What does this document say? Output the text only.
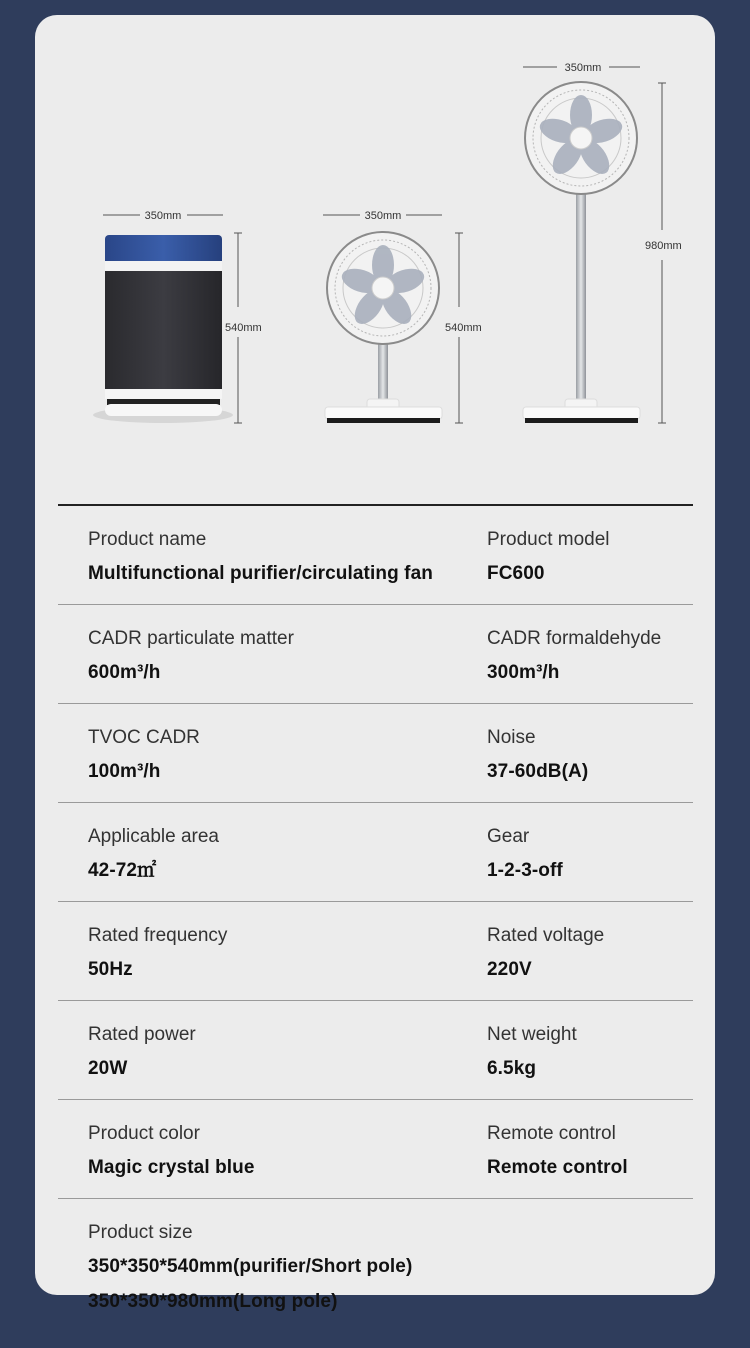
350mm
540mm
350mm
540mm
350mm
980mm
Product name
Multifunctional purifier/circulating fan
Product model
FC600
CADR particulate matter
600m³/h
CADR formaldehyde
300m³/h
TVOC CADR
100m³/h
Noise
37-60dB(A)
Applicable area
42-72㎡
Gear
1-2-3-off
Rated frequency
50Hz
Rated voltage
220V
Rated power
20W
Net weight
6.5kg
Product color
Magic crystal blue
Remote control
Remote control
Product size
350*350*540mm(purifier/Short pole)
350*350*980mm(Long pole)
